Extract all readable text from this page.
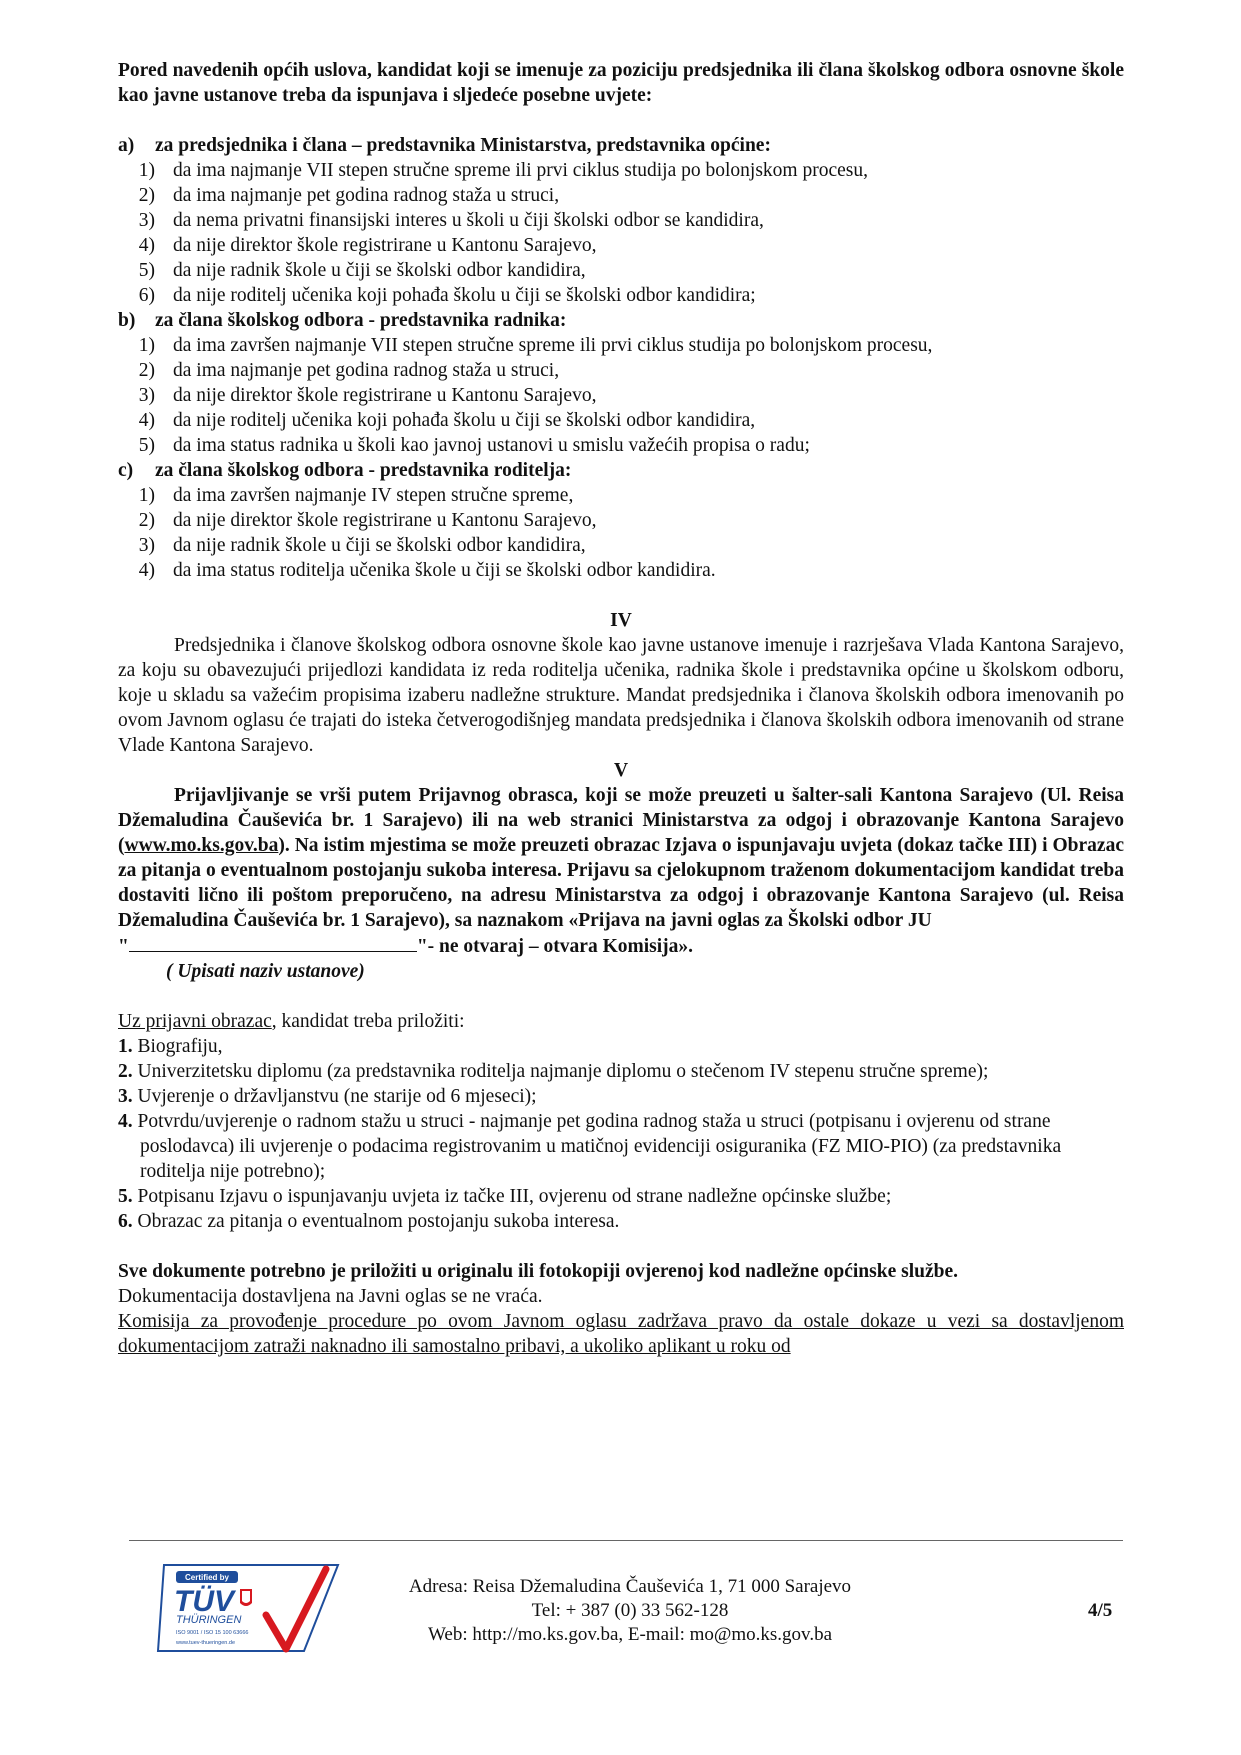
Pored navedenih općih uslova, kandidat koji se imenuje za poziciju predsjednika ili člana školskog odbora osnovne škole kao javne ustanove treba da ispunjava i sljedeće posebne uvjete:

a)	za predsjednika i člana – predstavnika Ministarstva, predstavnika općine:
1) da ima najmanje VII stepen stručne spreme ili prvi ciklus studija po bolonjskom procesu,
2) da ima najmanje pet godina radnog staža u struci,
3) da nema privatni finansijski interes u školi u čiji školski odbor se kandidira,
4) da nije direktor škole registrirane u Kantonu Sarajevo,
5) da nije radnik škole u čiji se školski odbor kandidira,
6) da nije roditelj učenika koji pohađa školu u čiji se školski odbor kandidira;
b)	za člana školskog odbora - predstavnika radnika:
1) da ima završen najmanje VII stepen stručne spreme ili prvi ciklus studija po bolonjskom procesu,
2) da ima najmanje pet godina radnog staža u struci,
3) da nije direktor škole registrirane u Kantonu Sarajevo,
4) da nije roditelj učenika koji pohađa školu u čiji se školski odbor kandidira,
5) da ima status radnika u školi kao javnoj ustanovi u smislu važećih propisa o radu;
c)	za člana školskog odbora - predstavnika roditelja:
1) da ima završen najmanje IV stepen stručne spreme,
2) da nije direktor škole registrirane u Kantonu Sarajevo,
3) da nije radnik škole u čiji se školski odbor kandidira,
4) da ima status roditelja učenika škole u čiji se školski odbor kandidira.

IV

Predsjednika i članove školskog odbora osnovne škole kao javne ustanove imenuje i razrješava Vlada Kantona Sarajevo, za koju su obavezujući prijedlozi kandidata iz reda roditelja učenika, radnika škole i predstavnika općine u školskom odboru, koje u skladu sa važećim propisima izaberu nadležne strukture. Mandat predsjednika i članova školskih odbora imenovanih po ovom Javnom oglasu će trajati do isteka četverogodišnjeg mandata predsjednika i članova školskih odbora imenovanih od strane Vlade Kantona Sarajevo.

V

Prijavljivanje se vrši putem Prijavnog obrasca, koji se može preuzeti u šalter-sali Kantona Sarajevo (Ul. Reisa Džemaludina Čauševića br. 1 Sarajevo) ili na web stranici Ministarstva za odgoj i obrazovanje Kantona Sarajevo (www.mo.ks.gov.ba). Na istim mjestima se može preuzeti obrazac Izjava o ispunjavaju uvjeta (dokaz tačke III) i Obrazac za pitanja o eventualnom postojanju sukoba interesa. Prijavu sa cjelokupnom traženom dokumentacijom kandidat treba dostaviti lično ili poštom preporučeno, na adresu Ministarstva za odgoj i obrazovanje Kantona Sarajevo (ul. Reisa Džemaludina Čauševića br. 1 Sarajevo), sa naznakom «Prijava na javni oglas za Školski odbor JU
"	"- ne otvaraj – otvara Komisija».

( Upisati naziv ustanove)

Uz prijavni obrazac, kandidat treba priložiti:

1. Biografiju,
2. Univerzitetsku diplomu (za predstavnika roditelja najmanje diplomu o stečenom IV stepenu stručne spreme);
3. Uvjerenje o državljanstvu (ne starije od 6 mjeseci);
4. Potvrdu/uvjerenje o radnom stažu u struci - najmanje pet godina radnog staža u struci (potpisanu i ovjerenu od strane poslodavca) ili uvjerenje o podacima registrovanim u matičnoj evidenciji osiguranika (FZ MIO-PIO) (za predstavnika roditelja nije potrebno);
5. Potpisanu Izjavu o ispunjavanju uvjeta iz tačke III, ovjerenu od strane nadležne općinske službe;
6. Obrazac za pitanja o eventualnom postojanju sukoba interesa.

Sve dokumente potrebno je priložiti u originalu ili fotokopiji ovjerenoj kod nadležne općinske službe.

Dokumentacija dostavljena na Javni oglas se ne vraća.

Komisija za provođenje procedure po ovom Javnom oglasu zadržava pravo da ostale dokaze u vezi sa dostavljenom dokumentacijom zatraži naknadno ili samostalno pribavi, a ukoliko aplikant u roku od

Certified by
TÜV
THÜRINGEN
ISO 9001 / ISO 15 100 63666
www.tuev-thueringen.de
Adresa: Reisa Džemaludina Čauševića 1, 71 000 Sarajevo
Tel: + 387 (0) 33 562-128
Web: http://mo.ks.gov.ba, E-mail: mo@mo.ks.gov.ba
4/5
